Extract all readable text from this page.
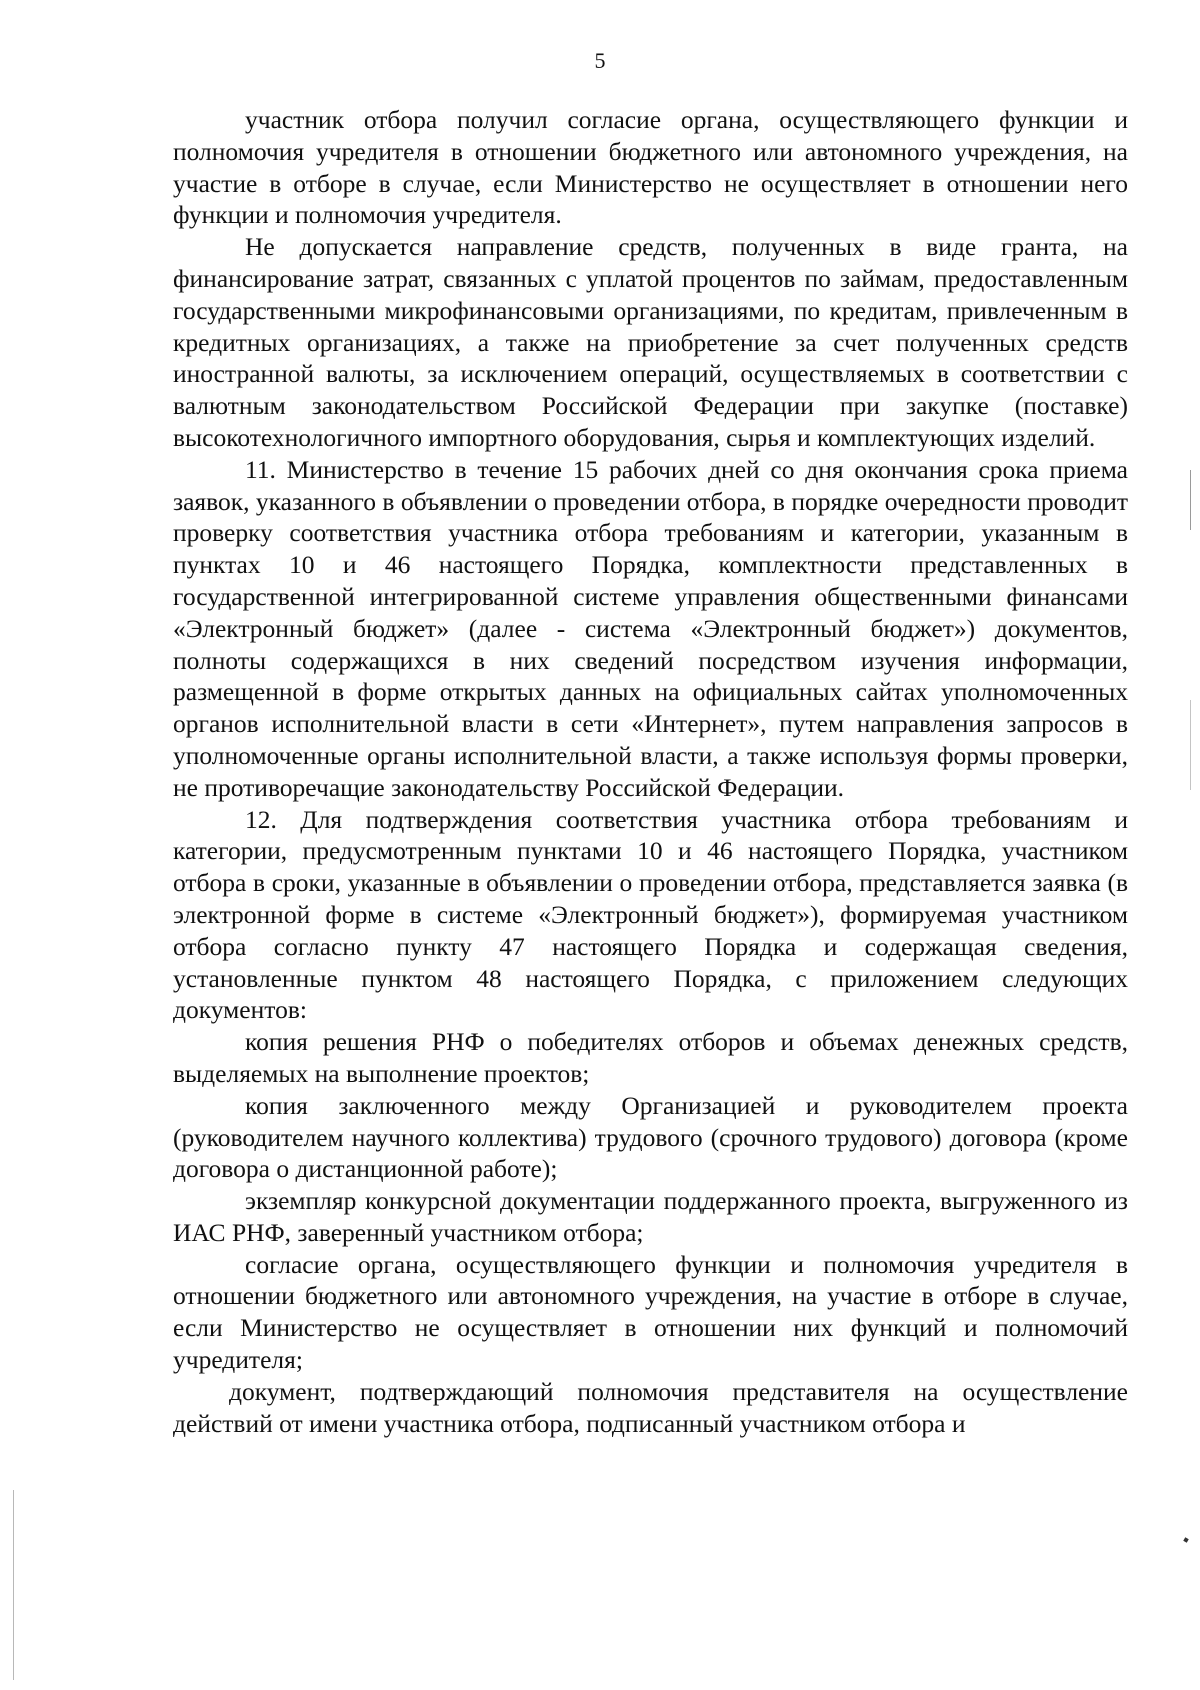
5

участник отбора получил согласие органа, осуществляющего функции и полномочия учредителя в отношении бюджетного или автономного учреждения, на участие в отборе в случае, если Министерство не осуществляет в отношении него функции и полномочия учредителя.

Не допускается направление средств, полученных в виде гранта, на финансирование затрат, связанных с уплатой процентов по займам, предоставленным государственными микрофинансовыми организациями, по кредитам, привлеченным в кредитных организациях, а также на приобретение за счет полученных средств иностранной валюты, за исключением операций, осуществляемых в соответствии с валютным законодательством Российской Федерации при закупке (поставке) высокотехнологичного импортного оборудования, сырья и комплектующих изделий.

11. Министерство в течение 15 рабочих дней со дня окончания срока приема заявок, указанного в объявлении о проведении отбора, в порядке очередности проводит проверку соответствия участника отбора требованиям и категории, указанным в пунктах 10 и 46 настоящего Порядка, комплектности представленных в государственной интегрированной системе управления общественными финансами «Электронный бюджет» (далее - система «Электронный бюджет») документов, полноты содержащихся в них сведений посредством изучения информации, размещенной в форме открытых данных на официальных сайтах уполномоченных органов исполнительной власти в сети «Интернет», путем направления запросов в уполномоченные органы исполнительной власти, а также используя формы проверки, не противоречащие законодательству Российской Федерации.

12. Для подтверждения соответствия участника отбора требованиям и категории, предусмотренным пунктами 10 и 46 настоящего Порядка, участником отбора в сроки, указанные в объявлении о проведении отбора, представляется заявка (в электронной форме в системе «Электронный бюджет»), формируемая участником отбора согласно пункту 47 настоящего Порядка и содержащая сведения, установленные пунктом 48 настоящего Порядка, с приложением следующих документов:

копия решения РНФ о победителях отборов и объемах денежных средств, выделяемых на выполнение проектов;

копия заключенного между Организацией и руководителем проекта (руководителем научного коллектива) трудового (срочного трудового) договора (кроме договора о дистанционной работе);

экземпляр конкурсной документации поддержанного проекта, выгруженного из ИАС РНФ, заверенный участником отбора;

согласие органа, осуществляющего функции и полномочия учредителя в отношении бюджетного или автономного учреждения, на участие в отборе в случае, если Министерство не осуществляет в отношении них функций и полномочий учредителя;

документ, подтверждающий полномочия представителя на осуществление действий от имени участника отбора, подписанный участником отбора и
